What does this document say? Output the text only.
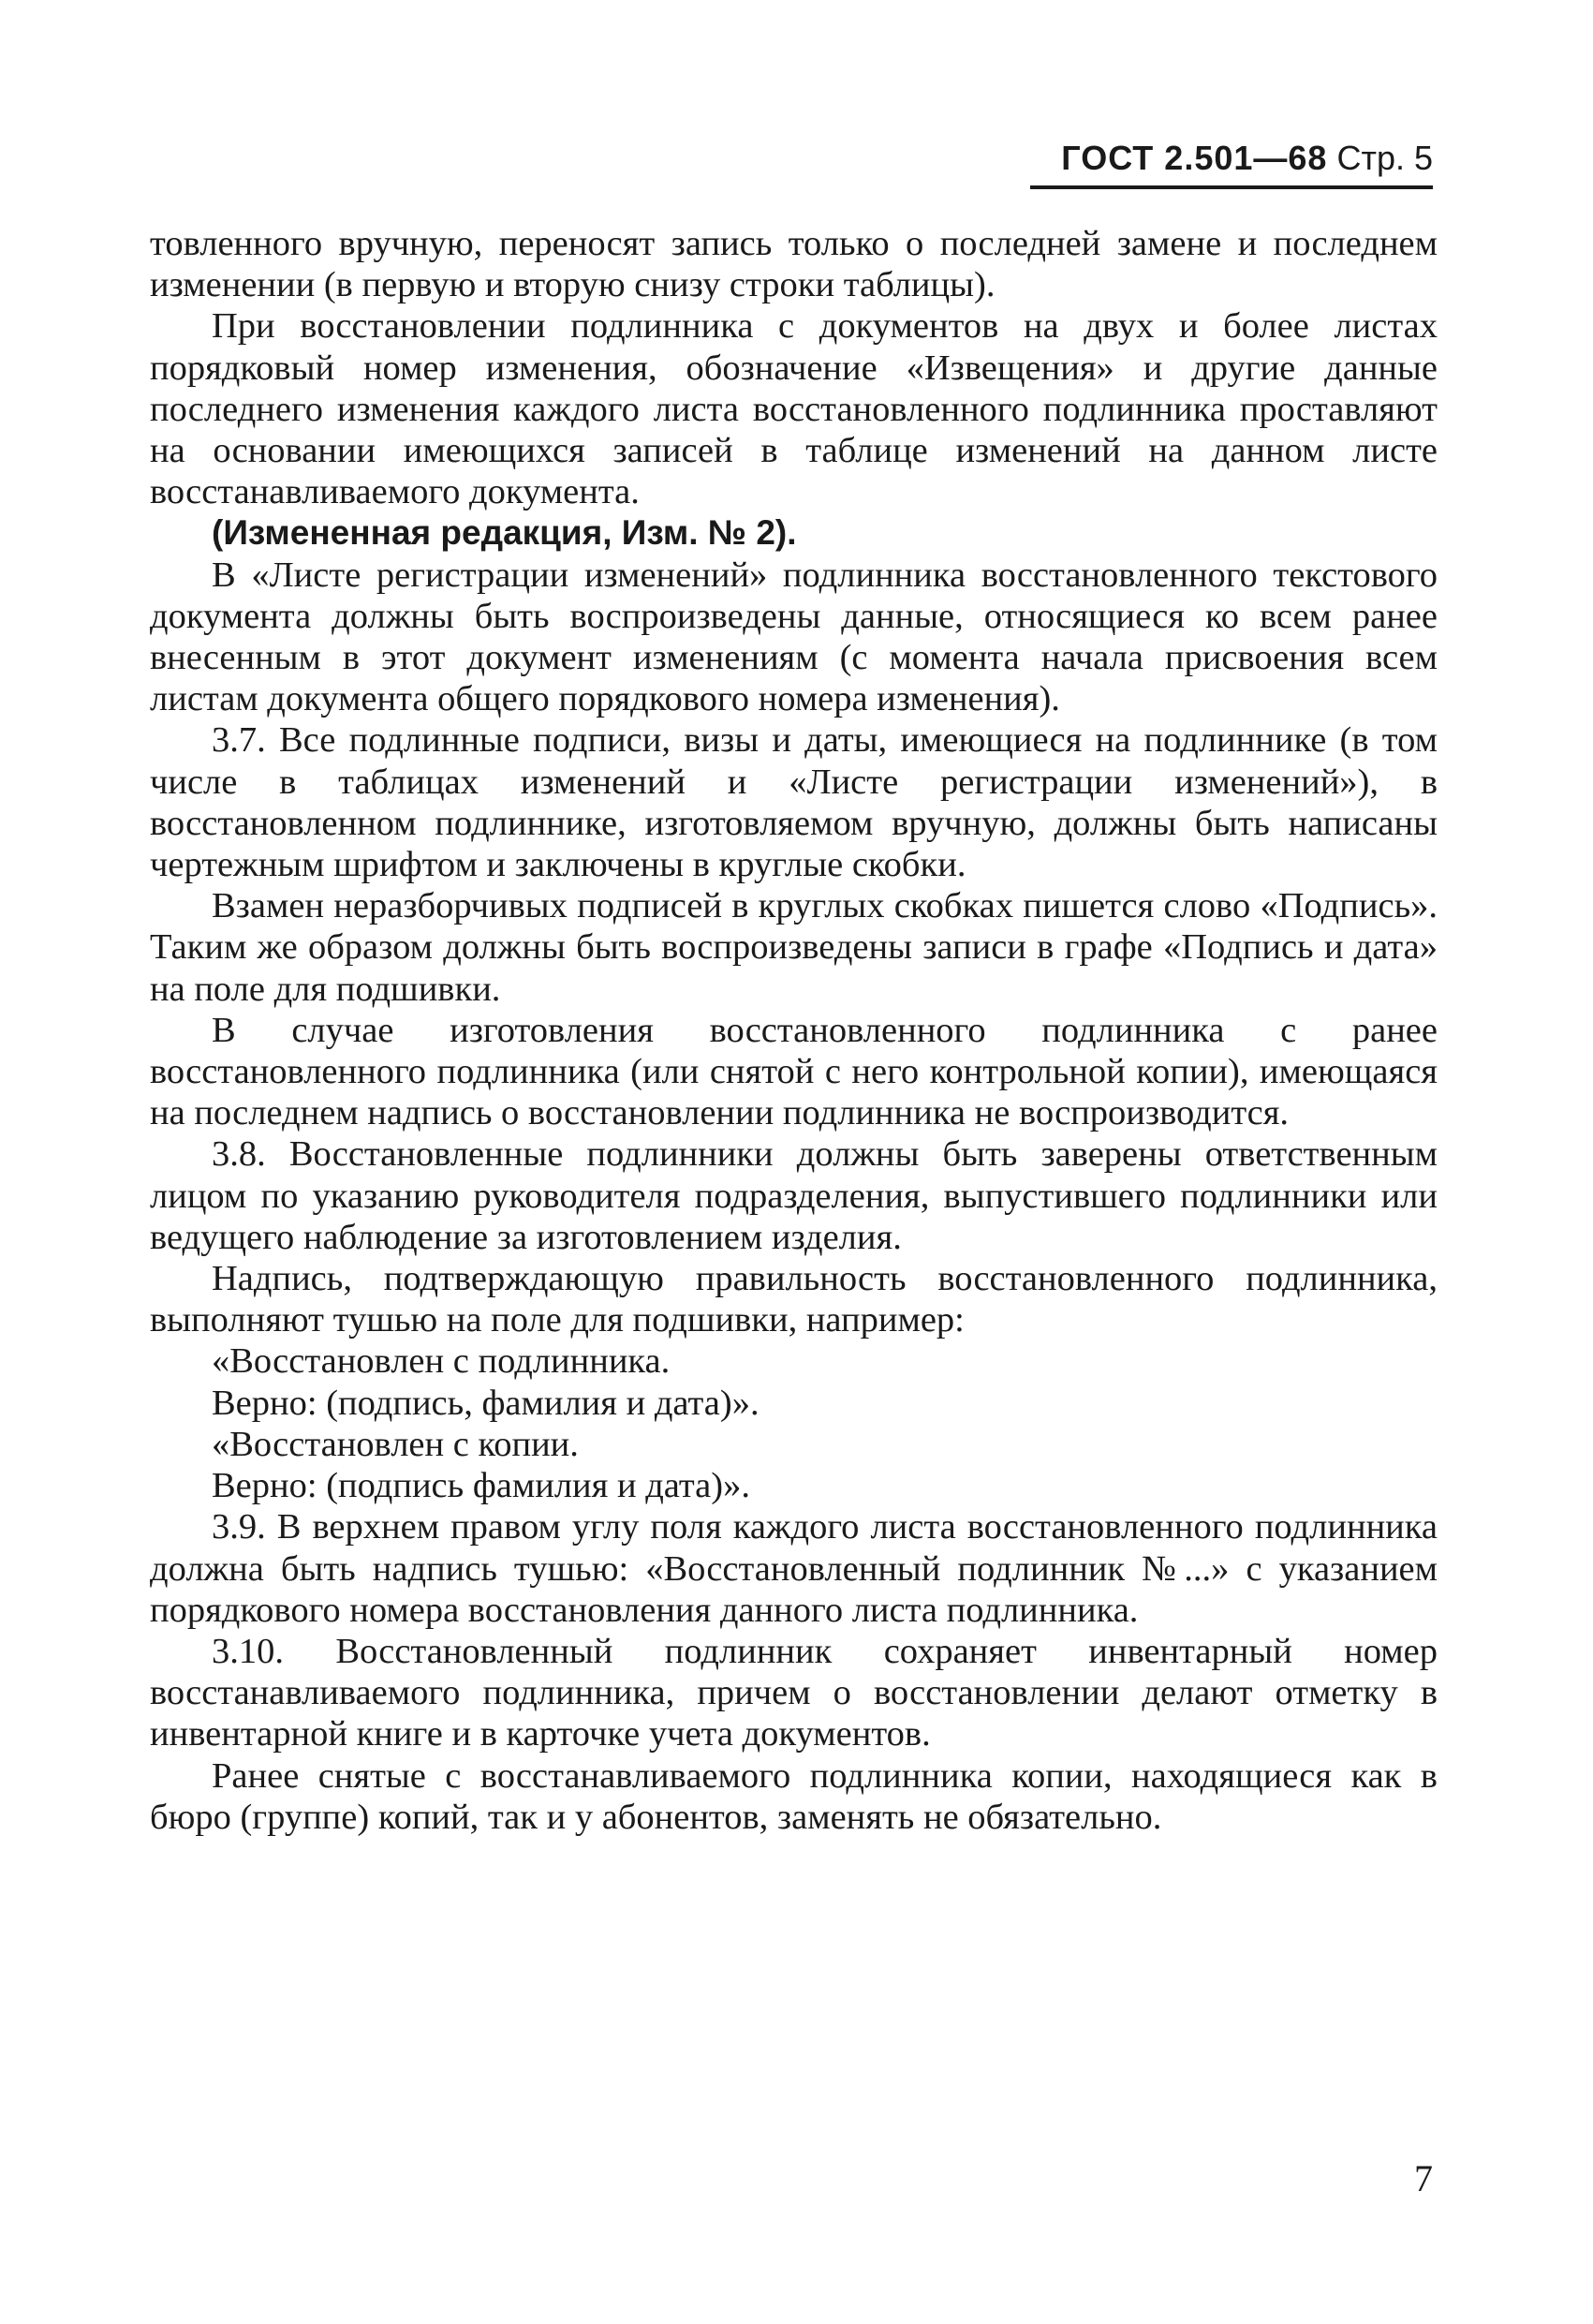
ГОСТ 2.501—68 Стр. 5

товленного вручную, переносят запись только о последней замене и последнем изменении (в первую и вторую снизу строки таблицы).

При восстановлении подлинника с документов на двух и более листах порядковый номер изменения, обозначение «Извещения» и другие данные последнего изменения каждого листа восстановленного подлинника проставляют на основании имеющихся записей в таблице изменений на данном листе восстанавливаемого документа.

(Измененная редакция, Изм. № 2).

В «Листе регистрации изменений» подлинника восстановленного текстового документа должны быть воспроизведены данные, относящиеся ко всем ранее внесенным в этот документ изменениям (с момента начала присвоения всем листам документа общего порядкового номера изменения).

3.7. Все подлинные подписи, визы и даты, имеющиеся на подлиннике (в том числе в таблицах изменений и «Листе регистрации изменений»), в восстановленном подлиннике, изготовляемом вручную, должны быть написаны чертежным шрифтом и заключены в круглые скобки.

Взамен неразборчивых подписей в круглых скобках пишется слово «Подпись». Таким же образом должны быть воспроизведены записи в графе «Подпись и дата» на поле для подшивки.

В случае изготовления восстановленного подлинника с ранее восстановленного подлинника (или снятой с него контрольной копии), имеющаяся на последнем надпись о восстановлении подлинника не воспроизводится.

3.8. Восстановленные подлинники должны быть заверены ответственным лицом по указанию руководителя подразделения, выпустившего подлинники или ведущего наблюдение за изготовлением изделия.

Надпись, подтверждающую правильность восстановленного подлинника, выполняют тушью на поле для подшивки, например:

«Восстановлен с подлинника.

Верно: (подпись, фамилия и дата)».

«Восстановлен с копии.

Верно: (подпись фамилия и дата)».

3.9. В верхнем правом углу поля каждого листа восстановленного подлинника должна быть надпись тушью: «Восстановленный подлинник №...» с указанием порядкового номера восстановления данного листа подлинника.

3.10. Восстановленный подлинник сохраняет инвентарный номер восстанавливаемого подлинника, причем о восстановлении делают отметку в инвентарной книге и в карточке учета документов.

Ранее снятые с восстанавливаемого подлинника копии, находящиеся как в бюро (группе) копий, так и у абонентов, заменять не обязательно.

7
